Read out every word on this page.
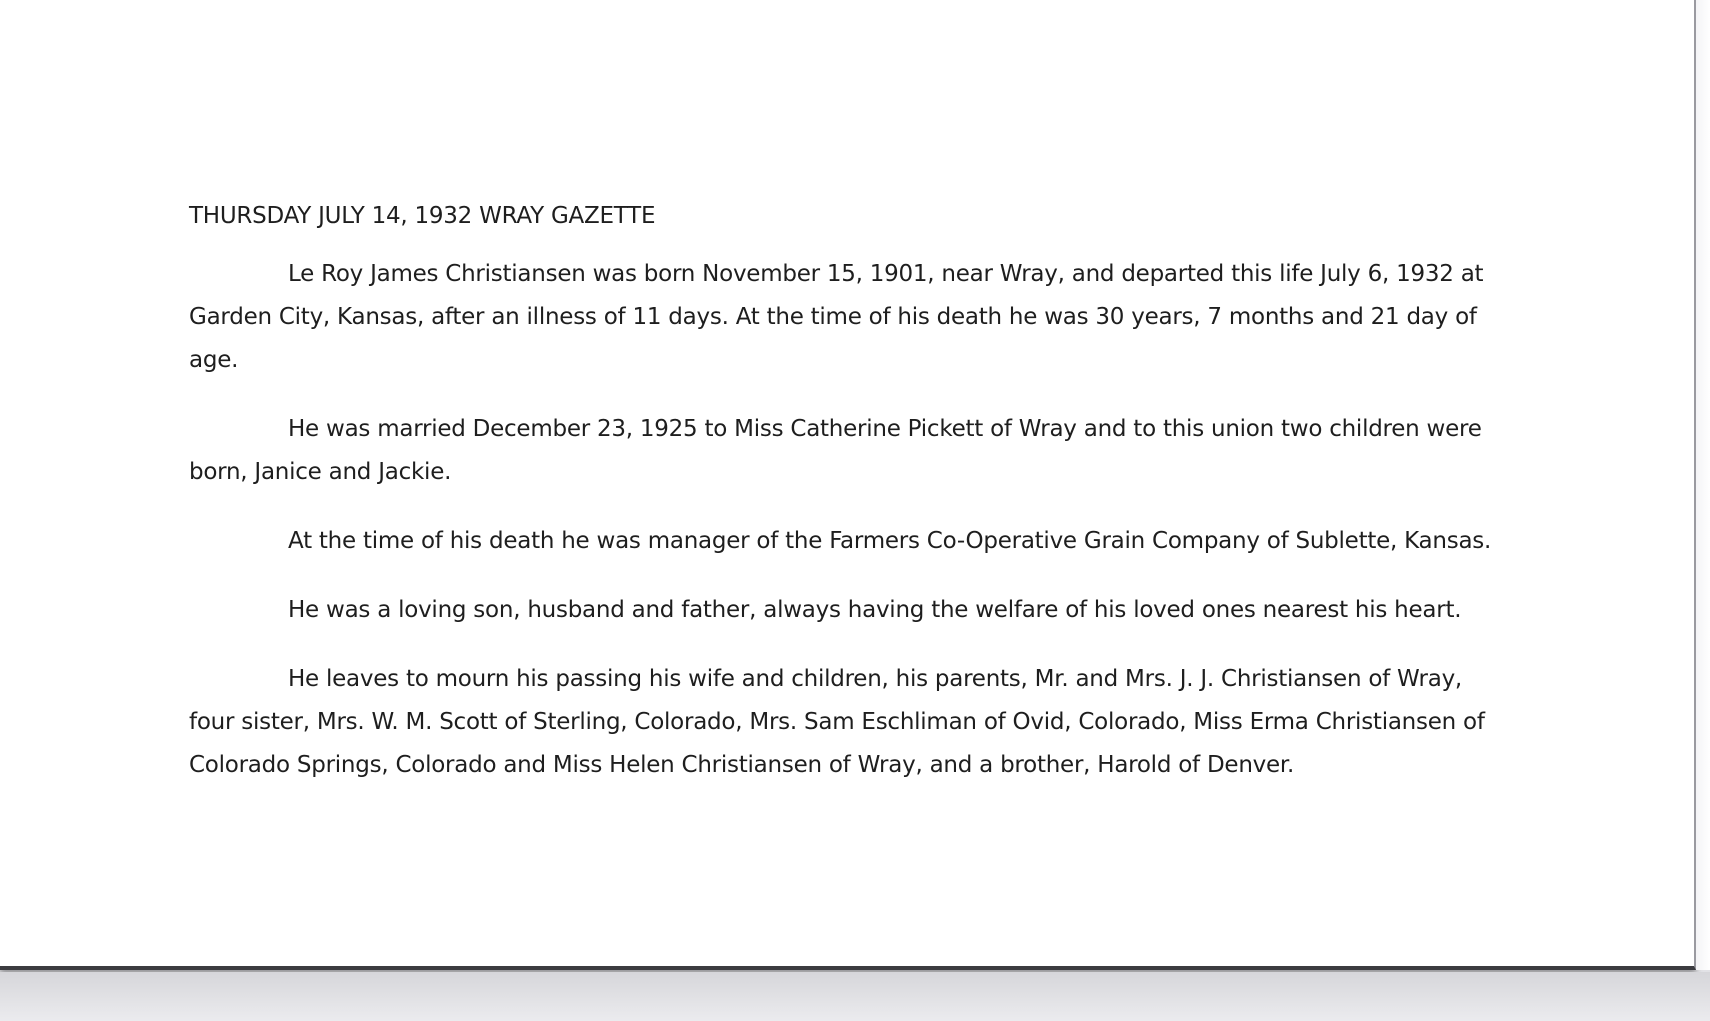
THURSDAY JULY 14, 1932 WRAY GAZETTE

Le Roy James Christiansen was born November 15, 1901, near Wray, and departed this life July 6, 1932 at Garden City, Kansas, after an illness of 11 days. At the time of his death he was 30 years, 7 months and 21 day of age.

He was married December 23, 1925 to Miss Catherine Pickett of Wray and to this union two children were born, Janice and Jackie.

At the time of his death he was manager of the Farmers Co-Operative Grain Company of Sublette, Kansas.

He was a loving son, husband and father, always having the welfare of his loved ones nearest his heart.

He leaves to mourn his passing his wife and children, his parents, Mr. and Mrs. J. J. Christiansen of Wray, four sister, Mrs. W. M. Scott of Sterling, Colorado, Mrs. Sam Eschliman of Ovid, Colorado, Miss Erma Christiansen of Colorado Springs, Colorado and Miss Helen Christiansen of Wray, and a brother, Harold of Denver.
